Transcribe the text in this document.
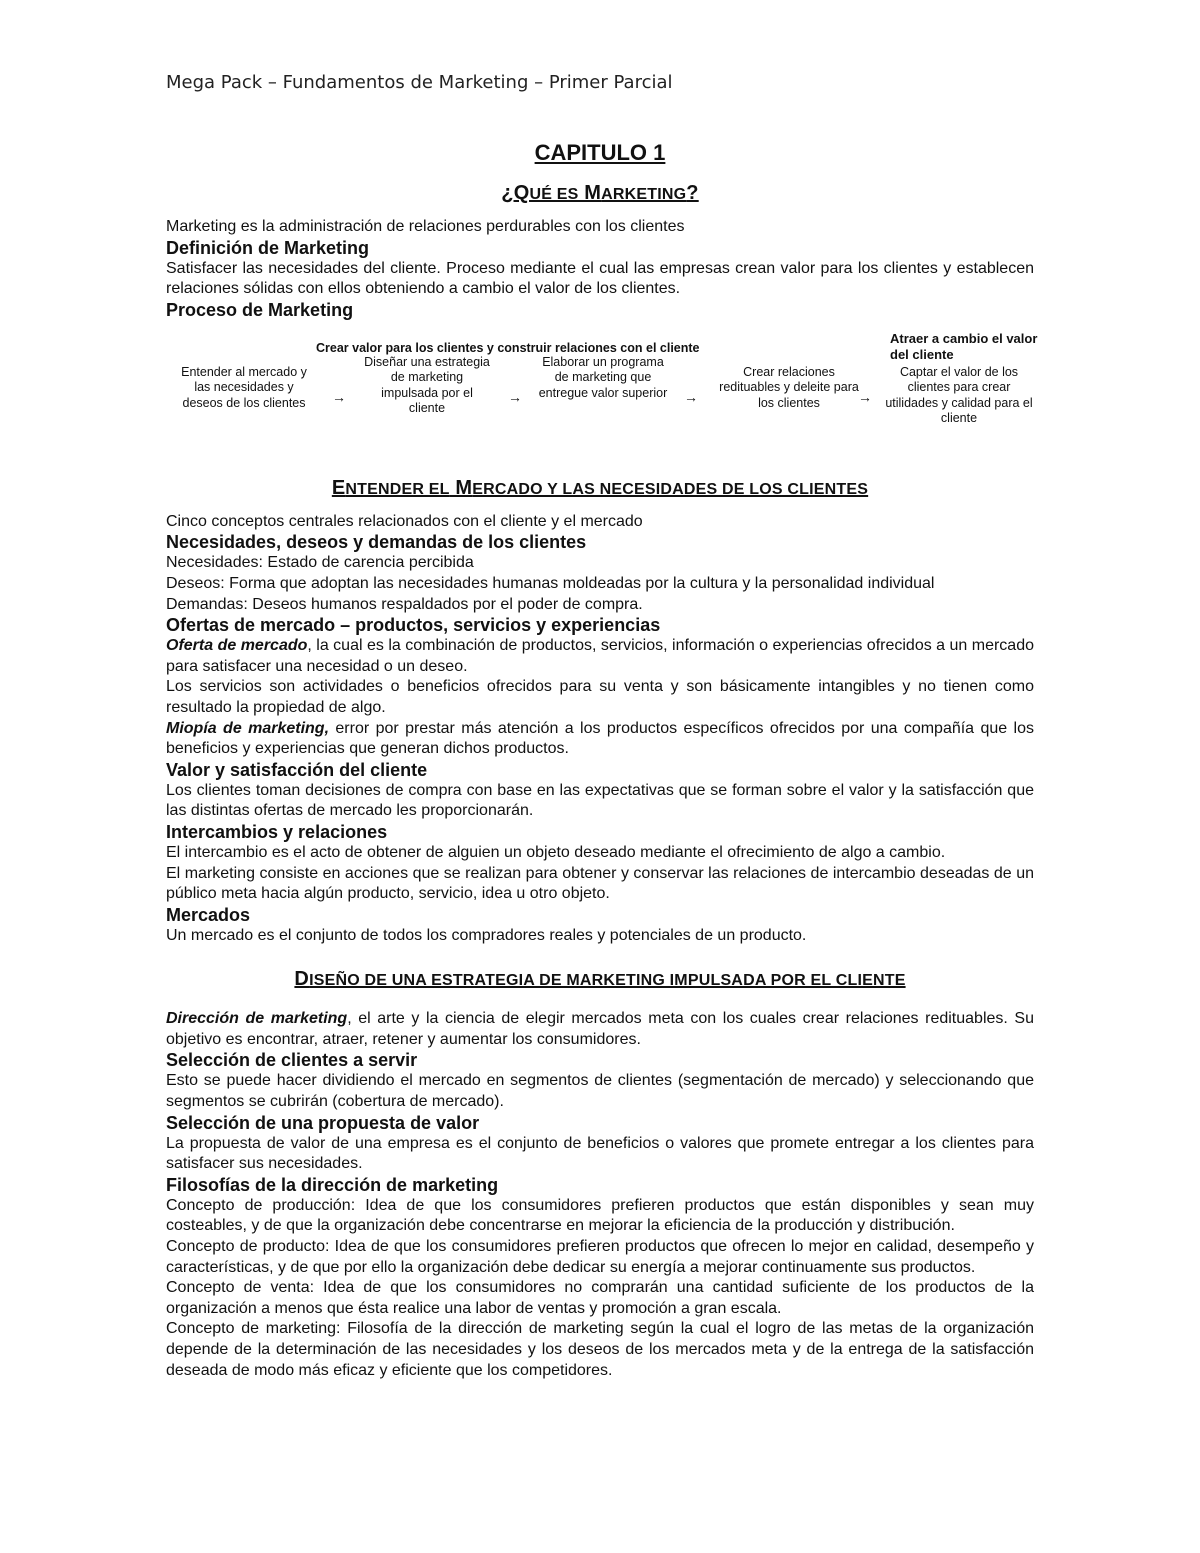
Mega Pack – Fundamentos de Marketing – Primer Parcial
CAPITULO 1
¿QUÉ ES MARKETING?

Marketing es la administración de relaciones perdurables con los clientes

Definición de Marketing

Satisfacer las necesidades del cliente. Proceso mediante el cual las empresas crean valor para los clientes y establecen relaciones sólidas con ellos obteniendo a cambio el valor de los clientes.

Proceso de Marketing

Crear valor para los clientes y construir relaciones con el cliente
Atraer a cambio el valor del cliente
Entender al mercado y las necesidades y deseos de los clientes	→
Diseñar una estrategia de marketing impulsada por el cliente
→
Elaborar un programa de marketing que entregue valor superior →
Crear relaciones redituables y deleite para los clientes	→
Captar el valor de los clientes para crear utilidades y calidad para el cliente
ENTENDER EL MERCADO Y LAS NECESIDADES DE LOS CLIENTES

Cinco conceptos centrales relacionados con el cliente y el mercado

Necesidades, deseos y demandas de los clientes

Necesidades: Estado de carencia percibida

Deseos: Forma que adoptan las necesidades humanas moldeadas por la cultura y la personalidad individual

Demandas: Deseos humanos respaldados por el poder de compra.

Ofertas de mercado – productos, servicios y experiencias

Oferta de mercado, la cual es la combinación de productos, servicios, información o experiencias ofrecidos a un mercado para satisfacer una necesidad o un deseo.

Los servicios son actividades o beneficios ofrecidos para su venta y son básicamente intangibles y no tienen como resultado la propiedad de algo.

Miopía de marketing, error por prestar más atención a los productos específicos ofrecidos por una compañía que los beneficios y experiencias que generan dichos productos.

Valor y satisfacción del cliente

Los clientes toman decisiones de compra con base en las expectativas que se forman sobre el valor y la satisfacción que las distintas ofertas de mercado les proporcionarán.

Intercambios y relaciones

El intercambio es el acto de obtener de alguien un objeto deseado mediante el ofrecimiento de algo a cambio.

El marketing consiste en acciones que se realizan para obtener y conservar las relaciones de intercambio deseadas de un público meta hacia algún producto, servicio, idea u otro objeto.

Mercados

Un mercado es el conjunto de todos los compradores reales y potenciales de un producto.

DISEÑO DE UNA ESTRATEGIA DE MARKETING IMPULSADA POR EL CLIENTE

Dirección de marketing, el arte y la ciencia de elegir mercados meta con los cuales crear relaciones redituables. Su objetivo es encontrar, atraer, retener y aumentar los consumidores.

Selección de clientes a servir

Esto se puede hacer dividiendo el mercado en segmentos de clientes (segmentación de mercado) y seleccionando que segmentos se cubrirán (cobertura de mercado).

Selección de una propuesta de valor

La propuesta de valor de una empresa es el conjunto de beneficios o valores que promete entregar a los clientes para satisfacer sus necesidades.

Filosofías de la dirección de marketing

Concepto de producción: Idea de que los consumidores prefieren productos que están disponibles y sean muy costeables, y de que la organización debe concentrarse en mejorar la eficiencia de la producción y distribución.

Concepto de producto: Idea de que los consumidores prefieren productos que ofrecen lo mejor en calidad, desempeño y características, y de que por ello la organización debe dedicar su energía a mejorar continuamente sus productos.

Concepto de venta: Idea de que los consumidores no comprarán una cantidad suficiente de los productos de la organización a menos que ésta realice una labor de ventas y promoción a gran escala.

Concepto de marketing: Filosofía de la dirección de marketing según la cual el logro de las metas de la organización depende de la determinación de las necesidades y los deseos de los mercados meta y de la entrega de la satisfacción deseada de modo más eficaz y eficiente que los competidores.
